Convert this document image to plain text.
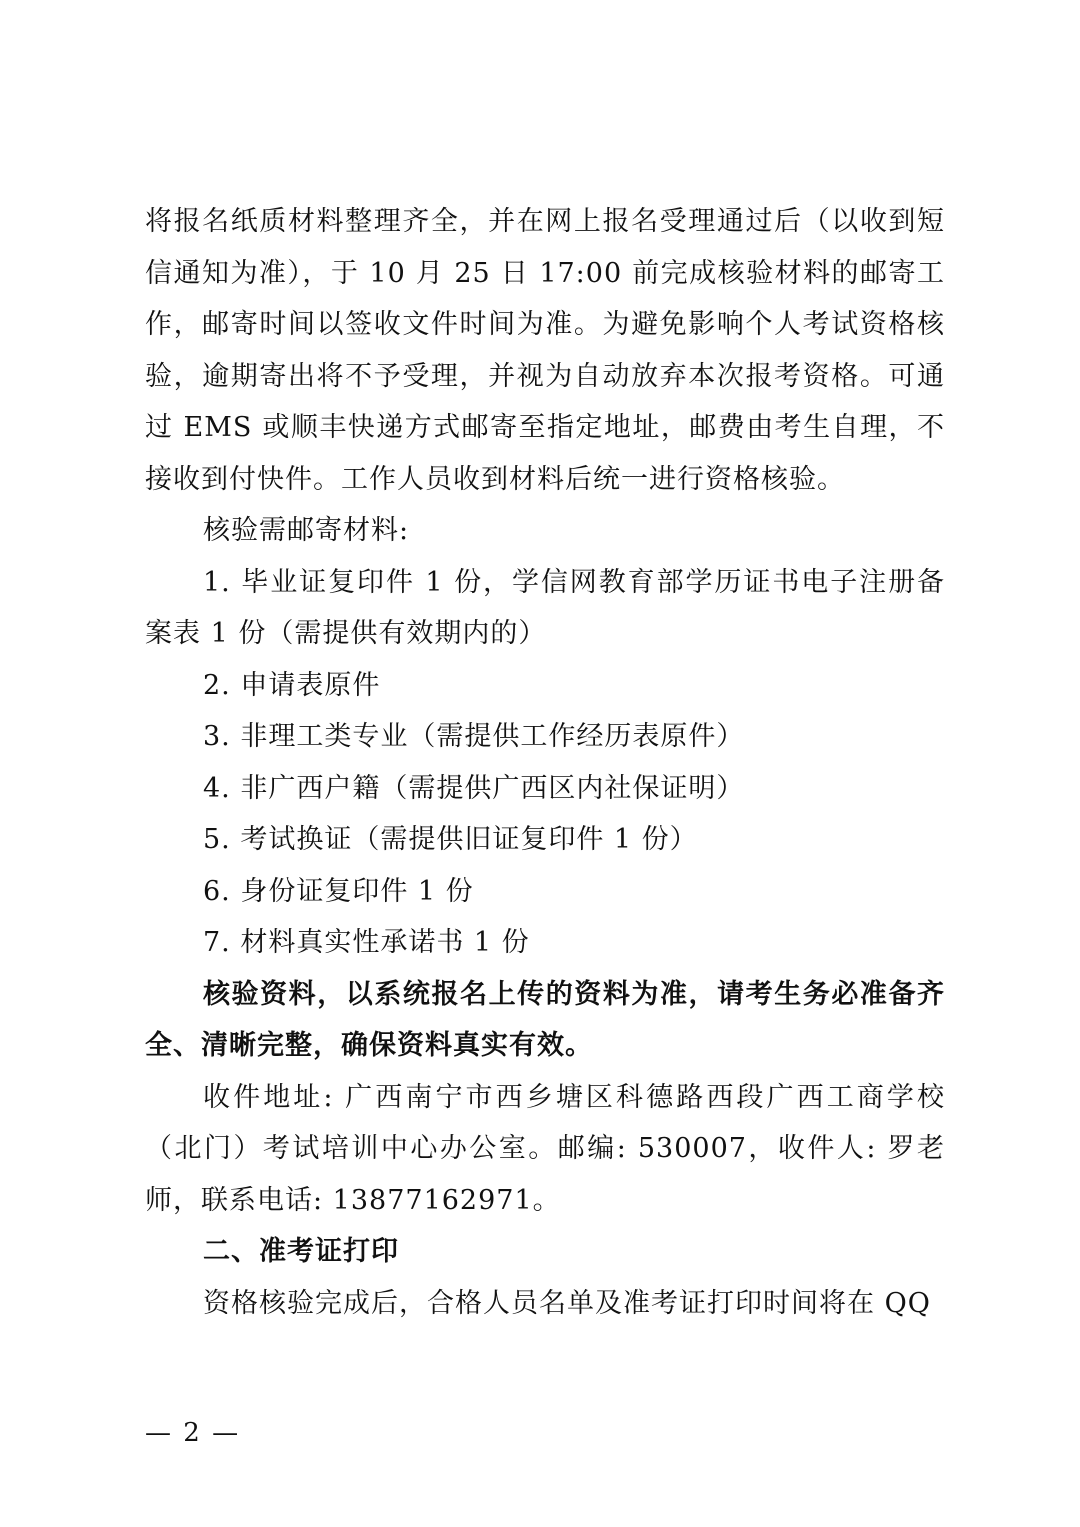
将报名纸质材料整理齐全，并在网上报名受理通过后（以收到短信通知为准），于 10 月 25 日 17:00 前完成核验材料的邮寄工作，邮寄时间以签收文件时间为准。为避免影响个人考试资格核验，逾期寄出将不予受理，并视为自动放弃本次报考资格。可通过 EMS 或顺丰快递方式邮寄至指定地址，邮费由考生自理，不接收到付快件。工作人员收到材料后统一进行资格核验。

核验需邮寄材料:

1. 毕业证复印件 1 份，学信网教育部学历证书电子注册备案表 1 份（需提供有效期内的）

2. 申请表原件

3. 非理工类专业（需提供工作经历表原件）

4. 非广西户籍（需提供广西区内社保证明）

5. 考试换证（需提供旧证复印件 1 份）

6. 身份证复印件 1 份

7. 材料真实性承诺书 1 份

核验资料，以系统报名上传的资料为准，请考生务必准备齐全、清晰完整，确保资料真实有效。

收件地址: 广西南宁市西乡塘区科德路西段广西工商学校（北门）考试培训中心办公室。邮编: 530007，收件人: 罗老师，联系电话: 13877162971。

二、准考证打印

资格核验完成后，合格人员名单及准考证打印时间将在 QQ

— 2 —
